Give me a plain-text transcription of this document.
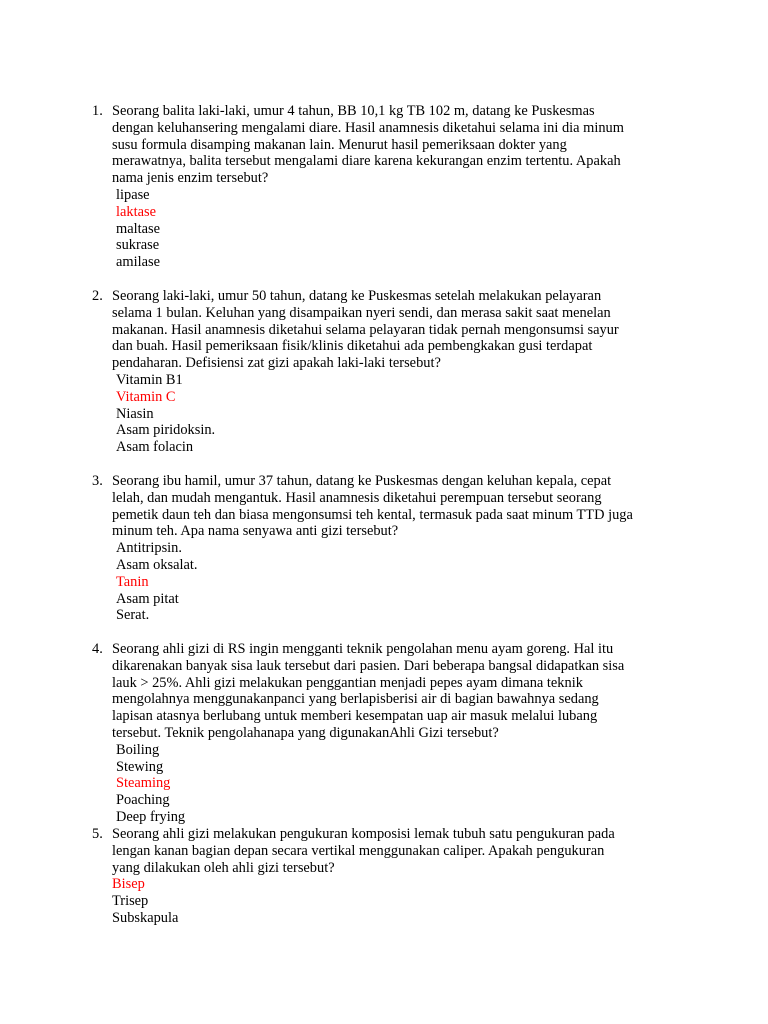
1. Seorang balita laki-laki, umur 4 tahun, BB 10,1 kg TB 102 m, datang ke Puskesmas
dengan keluhansering mengalami diare. Hasil anamnesis diketahui selama ini dia minum
susu formula disamping makanan lain. Menurut hasil pemeriksaan dokter yang
merawatnya, balita tersebut mengalami diare karena kekurangan enzim tertentu. Apakah
nama jenis enzim tersebut?
lipase
laktase
maltase
sukrase
amilase
2. Seorang laki-laki, umur 50 tahun, datang ke Puskesmas setelah melakukan pelayaran
selama 1 bulan. Keluhan yang disampaikan nyeri sendi, dan merasa sakit saat menelan
makanan. Hasil anamnesis diketahui selama pelayaran tidak pernah mengonsumsi sayur
dan buah. Hasil pemeriksaan fisik/klinis diketahui ada pembengkakan gusi terdapat
pendaharan. Defisiensi zat gizi apakah laki-laki tersebut?
Vitamin B1
Vitamin C
Niasin
Asam piridoksin.
Asam folacin
3. Seorang ibu hamil, umur 37 tahun, datang ke Puskesmas dengan keluhan kepala, cepat
lelah, dan mudah mengantuk. Hasil anamnesis diketahui perempuan tersebut seorang
pemetik daun teh dan biasa mengonsumsi teh kental, termasuk pada saat minum TTD juga
minum teh. Apa nama senyawa anti gizi tersebut?
Antitripsin.
Asam oksalat.
Tanin
Asam pitat
Serat.
4. Seorang ahli gizi di RS ingin mengganti teknik pengolahan menu ayam goreng. Hal itu
dikarenakan banyak sisa lauk tersebut dari pasien. Dari beberapa bangsal didapatkan sisa
lauk > 25%. Ahli gizi melakukan penggantian menjadi pepes ayam dimana teknik
mengolahnya menggunakanpanci yang berlapisberisi air di bagian bawahnya sedang
lapisan atasnya berlubang untuk memberi kesempatan uap air masuk melalui lubang
tersebut. Teknik pengolahanapa yang digunakanAhli Gizi tersebut?
Boiling
Stewing
Steaming
Poaching
Deep frying
5. Seorang ahli gizi melakukan pengukuran komposisi lemak tubuh satu pengukuran pada
lengan kanan bagian depan secara vertikal menggunakan caliper. Apakah pengukuran
yang dilakukan oleh ahli gizi tersebut?
Bisep
Trisep
Subskapula
